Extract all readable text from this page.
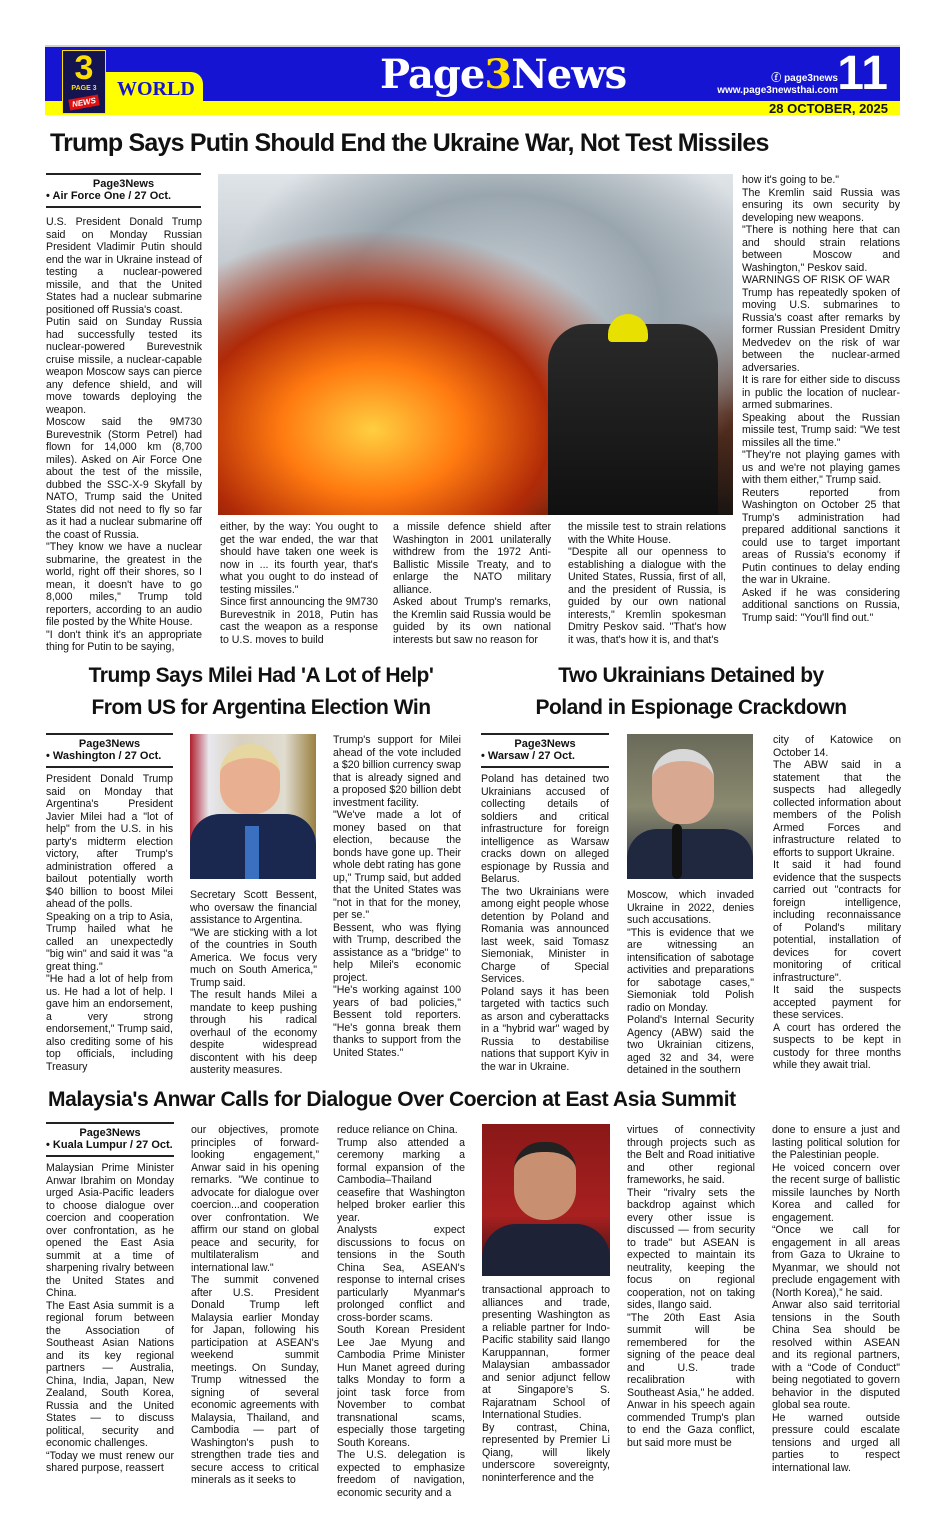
WORLD
3
PAGE 3
NEWS
Page3News	ⓕ page3news
www.page3newsthai.com 11
28 OCTOBER, 2025
Trump Says Putin Should End the Ukraine War, Not Test Missiles
Page3News
• Air Force One / 27 Oct.

U.S. President Donald Trump said on Monday Russian President Vladimir Putin should end the war in Ukraine instead of testing a nuclear-powered missile, and that the United States had a nuclear submarine positioned off Russia's coast.

Putin said on Sunday Russia had successfully tested its nuclear-powered Burevestnik cruise missile, a nuclear-capable weapon Moscow says can pierce any defence shield, and will move towards deploying the weapon.

Moscow said the 9M730 Burevestnik (Storm Petrel) had flown for 14,000 km (8,700 miles). Asked on Air Force One about the test of the missile, dubbed the SSC-X-9 Skyfall by NATO, Trump said the United States did not need to fly so far as it had a nuclear submarine off the coast of Russia.

"They know we have a nuclear submarine, the greatest in the world, right off their shores, so I mean, it doesn't have to go 8,000 miles," Trump told reporters, according to an audio file posted by the White House.

"I don't think it's an appropriate thing for Putin to be saying,

either, by the way: You ought to get the war ended, the war that should have taken one week is now in ... its fourth year, that's what you ought to do instead of testing missiles."

Since first announcing the 9M730 Burevestnik in 2018, Putin has cast the weapon as a response to U.S. moves to build

a missile defence shield after Washington in 2001 unilaterally withdrew from the 1972 Anti-Ballistic Missile Treaty, and to enlarge the NATO military alliance.

Asked about Trump's remarks, the Kremlin said Russia would be guided by its own national interests but saw no reason for

the missile test to strain relations with the White House.

"Despite all our openness to establishing a dialogue with the United States, Russia, first of all, and the president of Russia, is guided by our own national interests," Kremlin spokesman Dmitry Peskov said. "That's how it was, that's how it is, and that's

how it's going to be."

The Kremlin said Russia was ensuring its own security by developing new weapons.

"There is nothing here that can and should strain relations between Moscow and Washington," Peskov said.

WARNINGS OF RISK OF WAR

Trump has repeatedly spoken of moving U.S. submarines to Russia's coast after remarks by former Russian President Dmitry Medvedev on the risk of war between the nuclear-armed adversaries.

It is rare for either side to discuss in public the location of nuclear-armed submarines.

Speaking about the Russian missile test, Trump said: "We test missiles all the time."

"They're not playing games with us and we're not playing games with them either," Trump said.

Reuters reported from Washington on October 25 that Trump's administration had prepared additional sanctions it could use to target important areas of Russia's economy if Putin continues to delay ending the war in Ukraine.

Asked if he was considering additional sanctions on Russia, Trump said: "You'll find out."

Trump Says Milei Had 'A Lot of Help'
From US for Argentina Election Win
Page3News
• Washington / 27 Oct.

President Donald Trump said on Monday that Argentina's President Javier Milei had a "lot of help" from the U.S. in his party's midterm election victory, after Trump's administration offered a bailout potentially worth $40 billion to boost Milei ahead of the polls.

Speaking on a trip to Asia, Trump hailed what he called an unexpectedly "big win" and said it was "a great thing."

"He had a lot of help from us. He had a lot of help. I gave him an endorsement, a very strong endorsement," Trump said, also crediting some of his top officials, including Treasury

Secretary Scott Bessent, who oversaw the financial assistance to Argentina.

"We are sticking with a lot of the countries in South America. We focus very much on South America," Trump said.

The result hands Milei a mandate to keep pushing through his radical overhaul of the economy despite widespread discontent with his deep austerity measures.

Trump's support for Milei ahead of the vote included a $20 billion currency swap that is already signed and a proposed $20 billion debt investment facility.

"We've made a lot of money based on that election, because the bonds have gone up. Their whole debt rating has gone up," Trump said, but added that the United States was "not in that for the money, per se."

Bessent, who was flying with Trump, described the assistance as a "bridge" to help Milei's economic project.

"He's working against 100 years of bad policies," Bessent told reporters. "He's gonna break them thanks to support from the United States."

Two Ukrainians Detained by
Poland in Espionage Crackdown
Page3News
• Warsaw / 27 Oct.

Poland has detained two Ukrainians accused of collecting details of soldiers and critical infrastructure for foreign intelligence as Warsaw cracks down on alleged espionage by Russia and Belarus.

The two Ukrainians were among eight people whose detention by Poland and Romania was announced last week, said Tomasz Siemoniak, Minister in Charge of Special Services.

Poland says it has been targeted with tactics such as arson and cyberattacks in a "hybrid war" waged by Russia to destabilise nations that support Kyiv in the war in Ukraine.

Moscow, which invaded Ukraine in 2022, denies such accusations.

"This is evidence that we are witnessing an intensification of sabotage activities and preparations for sabotage cases," Siemoniak told Polish radio on Monday.

Poland's Internal Security Agency (ABW) said the two Ukrainian citizens, aged 32 and 34, were detained in the southern

city of Katowice on October 14.

The ABW said in a statement that the suspects had allegedly collected information about members of the Polish Armed Forces and infrastructure related to efforts to support Ukraine.

It said it had found evidence that the suspects carried out "contracts for foreign intelligence, including reconnaissance of Poland's military potential, installation of devices for covert monitoring of critical infrastructure".

It said the suspects accepted payment for these services.

A court has ordered the suspects to be kept in custody for three months while they await trial.

Malaysia's Anwar Calls for Dialogue Over Coercion at East Asia Summit
Page3News
• Kuala Lumpur / 27 Oct.

Malaysian Prime Minister Anwar Ibrahim on Monday urged Asia-Pacific leaders to choose dialogue over coercion and cooperation over confrontation, as he opened the East Asia summit at a time of sharpening rivalry between the United States and China.

The East Asia summit is a regional forum between the Association of Southeast Asian Nations and its key regional partners — Australia, China, India, Japan, New Zealand, South Korea, Russia and the United States — to discuss political, security and economic challenges.

“Today we must renew our shared purpose, reassert

our objectives, promote principles of forward-looking engagement,” Anwar said in his opening remarks. "We continue to advocate for dialogue over coercion...and cooperation over confrontation. We affirm our stand on global peace and security, for multilateralism and international law."

The summit convened after U.S. President Donald Trump left Malaysia earlier Monday for Japan, following his participation at ASEAN's weekend summit meetings. On Sunday, Trump witnessed the signing of several economic agreements with Malaysia, Thailand, and Cambodia — part of Washington's push to strengthen trade ties and secure access to critical minerals as it seeks to

reduce reliance on China.

Trump also attended a ceremony marking a formal expansion of the Cambodia–Thailand ceasefire that Washington helped broker earlier this year.

Analysts expect discussions to focus on tensions in the South China Sea, ASEAN's response to internal crises particularly Myanmar's prolonged conflict and cross-border scams.

South Korean President Lee Jae Myung and Cambodia Prime Minister Hun Manet agreed during talks Monday to form a joint task force from November to combat transnational scams, especially those targeting South Koreans.

The U.S. delegation is expected to emphasize freedom of navigation, economic security and a

transactional approach to alliances and trade, presenting Washington as a reliable partner for Indo-Pacific stability said Ilango Karuppannan, former Malaysian ambassador and senior adjunct fellow at Singapore’s S. Rajaratnam School of International Studies.

By contrast, China, represented by Premier Li Qiang, will likely underscore sovereignty, noninterference and the

virtues of connectivity through projects such as the Belt and Road initiative and other regional frameworks, he said.

Their "rivalry sets the backdrop against which every other issue is discussed — from security to trade" but ASEAN is expected to maintain its neutrality, keeping the focus on regional cooperation, not on taking sides, Ilango said.

"The 20th East Asia summit will be remembered for the signing of the peace deal and U.S. trade recalibration with Southeast Asia," he added.

Anwar in his speech again commended Trump's plan to end the Gaza conflict, but said more must be

done to ensure a just and lasting political solution for the Palestinian people.

He voiced concern over the recent surge of ballistic missile launches by North Korea and called for engagement.

“Once we call for engagement in all areas from Gaza to Ukraine to Myanmar, we should not preclude engagement with (North Korea),” he said.

Anwar also said territorial tensions in the South China Sea should be resolved within ASEAN and its regional partners, with a “Code of Conduct" being negotiated to govern behavior in the disputed global sea route.

He warned outside pressure could escalate tensions and urged all parties to respect international law.
